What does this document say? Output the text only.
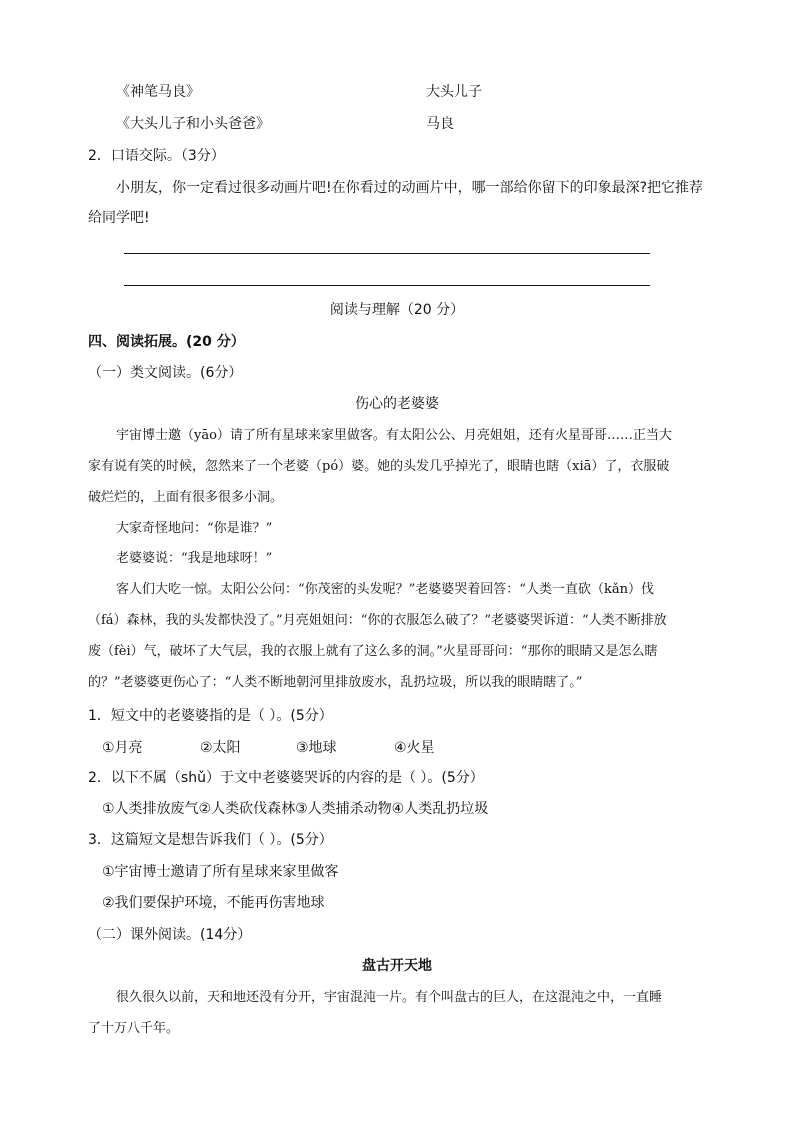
《神笔马良》	大头儿子
《大头儿子和小头爸爸》	马良
2．口语交际。（3分）
小朋友，你一定看过很多动画片吧!在你看过的动画片中，哪一部给你留下的印象最深?把它推荐
给同学吧!
阅读与理解（20 分）
四、阅读拓展。(20 分）
（一）类文阅读。(6分）
伤心的老婆婆
宇宙博士邀（yāo）请了所有星球来家里做客。有太阳公公、月亮姐姐，还有火星哥哥……正当大
家有说有笑的时候，忽然来了一个老婆（pó）婆。她的头发几乎掉光了，眼睛也瞎（xiā）了，衣服破
破烂烂的，上面有很多很多小洞。
大家奇怪地问：“你是谁？”
老婆婆说：“我是地球呀！”
客人们大吃一惊。太阳公公问：“你茂密的头发呢？”老婆婆哭着回答：“人类一直砍（kǎn）伐
（fá）森林，我的头发都快没了。”月亮姐姐问：“你的衣服怎么破了？”老婆婆哭诉道：“人类不断排放
废（fèi）气，破坏了大气层，我的衣服上就有了这么多的洞。”火星哥哥问：“那你的眼睛又是怎么瞎
的？”老婆婆更伤心了：“人类不断地朝河里排放废水，乱扔垃圾，所以我的眼睛瞎了。”
1．短文中的老婆婆指的是（ ）。(5分）
①月亮	②太阳	③地球	④火星
2．以下不属（shǔ）于文中老婆婆哭诉的内容的是（ ）。(5分）
①人类排放废气②人类砍伐森林③人类捕杀动物④人类乱扔垃圾
3．这篇短文是想告诉我们（ ）。(5分）
①宇宙博士邀请了所有星球来家里做客
②我们要保护环境，不能再伤害地球
（二）课外阅读。(14分）
盘古开天地
很久很久以前，天和地还没有分开，宇宙混沌一片。有个叫盘古的巨人，在这混沌之中，一直睡
了十万八千年。
